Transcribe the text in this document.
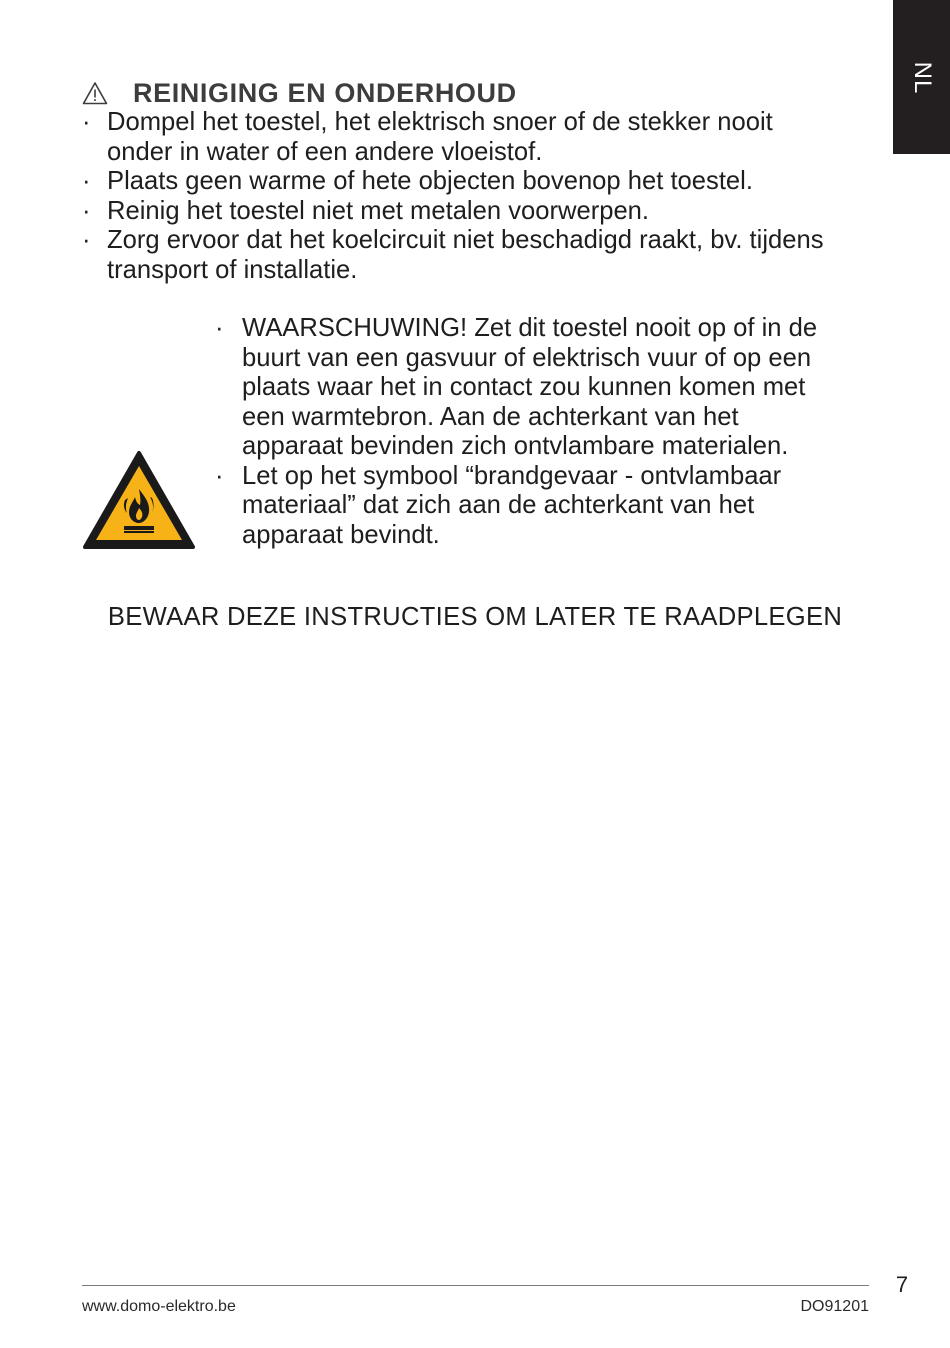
NL
REINIGING EN ONDERHOUD
· Dompel het toestel, het elektrisch snoer of de stekker nooit onder in water of een andere vloeistof.
· Plaats geen warme of hete objecten bovenop het toestel.
· Reinig het toestel niet met metalen voorwerpen.
· Zorg ervoor dat het koelcircuit niet beschadigd raakt, bv. tijdens transport of installatie.
· WAARSCHUWING! Zet dit toestel nooit op of in de buurt van een gasvuur of elektrisch vuur of op een plaats waar het in contact zou kunnen komen met een warmtebron. Aan de achterkant van het apparaat bevinden zich ontvlambare materialen.
· Let op het symbool “brandgevaar - ontvlambaar materiaal” dat zich aan de achterkant van het apparaat bevindt.
BEWAAR DEZE INSTRUCTIES OM LATER TE RAADPLEGEN
7
www.domo-elektro.be	DO91201
